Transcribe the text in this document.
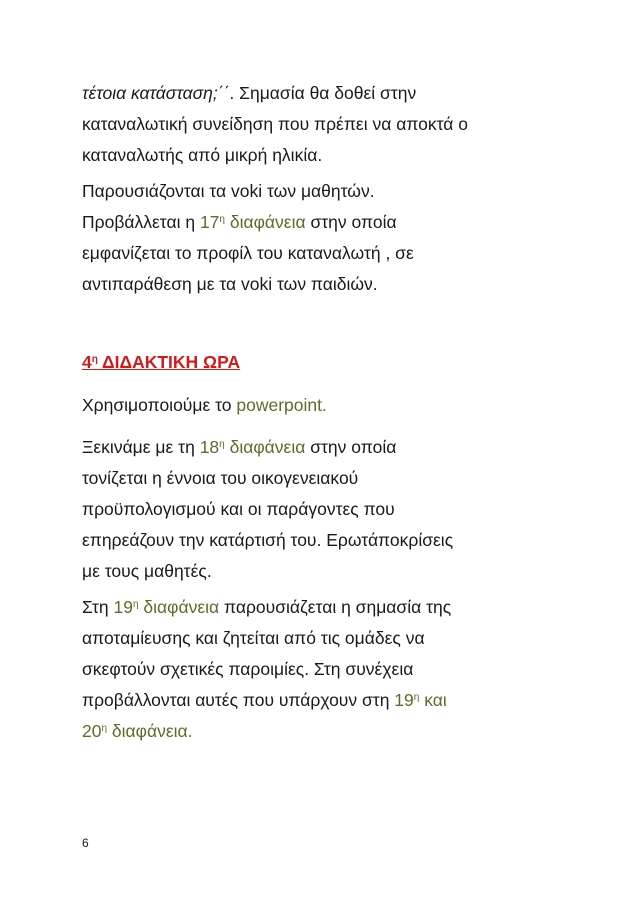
τέτοια κατάσταση;΄΄. Σημασία θα δοθεί στην
καταναλωτική συνείδηση που πρέπει να αποκτά ο
καταναλωτής από μικρή ηλικία.

Παρουσιάζονται τα voki των μαθητών.
Προβάλλεται η $17^\eta$ διαφάνεια στην οποία
εμφανίζεται το προφίλ του καταναλωτή , σε
αντιπαράθεση με τα voki των παιδιών.

$4^\eta$ ΔΙΔΑΚΤΙΚΗ ΩΡΑ

Χρησιμοποιούμε το powerpoint.

Ξεκινάμε με τη $18^\eta$ διαφάνεια στην οποία
τονίζεται η έννοια του οικογενειακού
προϋπολογισμού και οι παράγοντες που
επηρεάζουν την κατάρτισή του. Ερωτάποκρίσεις
με τους μαθητές.

Στη $19^\eta$ διαφάνεια παρουσιάζεται η σημασία της
αποταμίευσης και ζητείται από τις ομάδες να
σκεφτούν σχετικές παροιμίες. Στη συνέχεια
προβάλλονται αυτές που υπάρχουν στη $19^\eta$ και
$20^\eta$ διαφάνεια.

6
